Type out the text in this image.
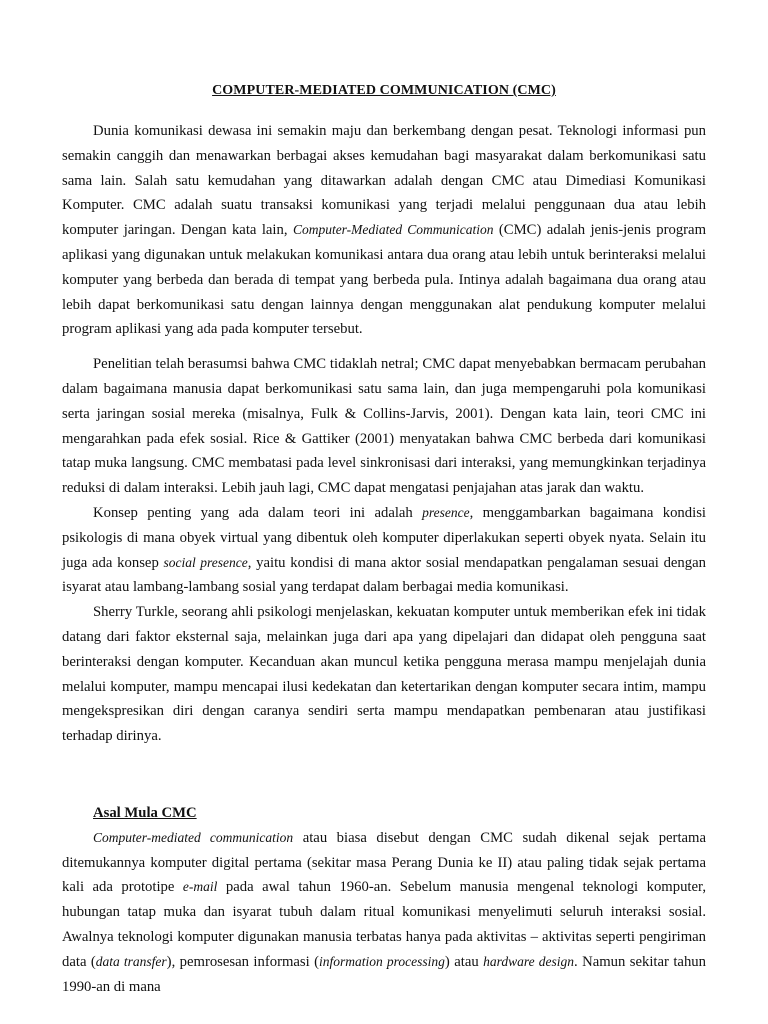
COMPUTER-MEDIATED COMMUNICATION (CMC)

Dunia komunikasi dewasa ini semakin maju dan berkembang dengan pesat. Teknologi informasi pun semakin canggih dan menawarkan berbagai akses kemudahan bagi masyarakat dalam berkomunikasi satu sama lain. Salah satu kemudahan yang ditawarkan adalah dengan CMC atau Dimediasi Komunikasi Komputer. CMC adalah suatu transaksi komunikasi yang terjadi melalui penggunaan dua atau lebih komputer jaringan. Dengan kata lain, Computer-Mediated Communication (CMC) adalah jenis-jenis program aplikasi yang digunakan untuk melakukan komunikasi antara dua orang atau lebih untuk berinteraksi melalui komputer yang berbeda dan berada di tempat yang berbeda pula. Intinya adalah bagaimana dua orang atau lebih dapat berkomunikasi satu dengan lainnya dengan menggunakan alat pendukung komputer melalui program aplikasi yang ada pada komputer tersebut.

Penelitian telah berasumsi bahwa CMC tidaklah netral; CMC dapat menyebabkan bermacam perubahan dalam bagaimana manusia dapat berkomunikasi satu sama lain, dan juga mempengaruhi pola komunikasi serta jaringan sosial mereka (misalnya, Fulk & Collins-Jarvis, 2001). Dengan kata lain, teori CMC ini mengarahkan pada efek sosial. Rice & Gattiker (2001) menyatakan bahwa CMC berbeda dari komunikasi tatap muka langsung. CMC membatasi pada level sinkronisasi dari interaksi, yang memungkinkan terjadinya reduksi di dalam interaksi. Lebih jauh lagi, CMC dapat mengatasi penjajahan atas jarak dan waktu.

Konsep penting yang ada dalam teori ini adalah presence, menggambarkan bagaimana kondisi psikologis di mana obyek virtual yang dibentuk oleh komputer diperlakukan seperti obyek nyata. Selain itu juga ada konsep social presence, yaitu kondisi di mana aktor sosial mendapatkan pengalaman sesuai dengan isyarat atau lambang-lambang sosial yang terdapat dalam berbagai media komunikasi.

Sherry Turkle, seorang ahli psikologi menjelaskan, kekuatan komputer untuk memberikan efek ini tidak datang dari faktor eksternal saja, melainkan juga dari apa yang dipelajari dan didapat oleh pengguna saat berinteraksi dengan komputer. Kecanduan akan muncul ketika pengguna merasa mampu menjelajah dunia melalui komputer, mampu mencapai ilusi kedekatan dan ketertarikan dengan komputer secara intim, mampu mengekspresikan diri dengan caranya sendiri serta mampu mendapatkan pembenaran atau justifikasi terhadap dirinya.

Asal Mula CMC

Computer-mediated communication atau biasa disebut dengan CMC sudah dikenal sejak pertama ditemukannya komputer digital pertama (sekitar masa Perang Dunia ke II) atau paling tidak sejak pertama kali ada prototipe e-mail pada awal tahun 1960-an. Sebelum manusia mengenal teknologi komputer, hubungan tatap muka dan isyarat tubuh dalam ritual komunikasi menyelimuti seluruh interaksi sosial. Awalnya teknologi komputer digunakan manusia terbatas hanya pada aktivitas – aktivitas seperti pengiriman data (data transfer), pemrosesan informasi (information processing) atau hardware design. Namun sekitar tahun 1990-an di mana
